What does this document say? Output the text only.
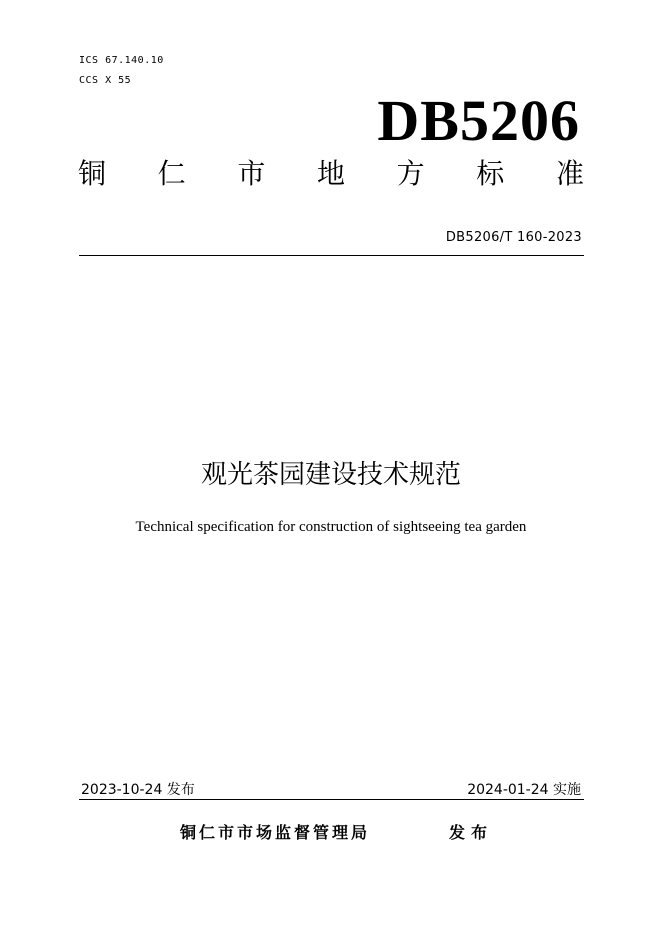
ICS 67.140.10
CCS X 55
DB5206
铜 仁 市 地 方 标 准
DB5206/T 160-2023
观光茶园建设技术规范
Technical specification for construction of sightseeing tea garden
2023-10-24 发布	2024-01-24 实施
铜仁市市场监督管理局	发布
